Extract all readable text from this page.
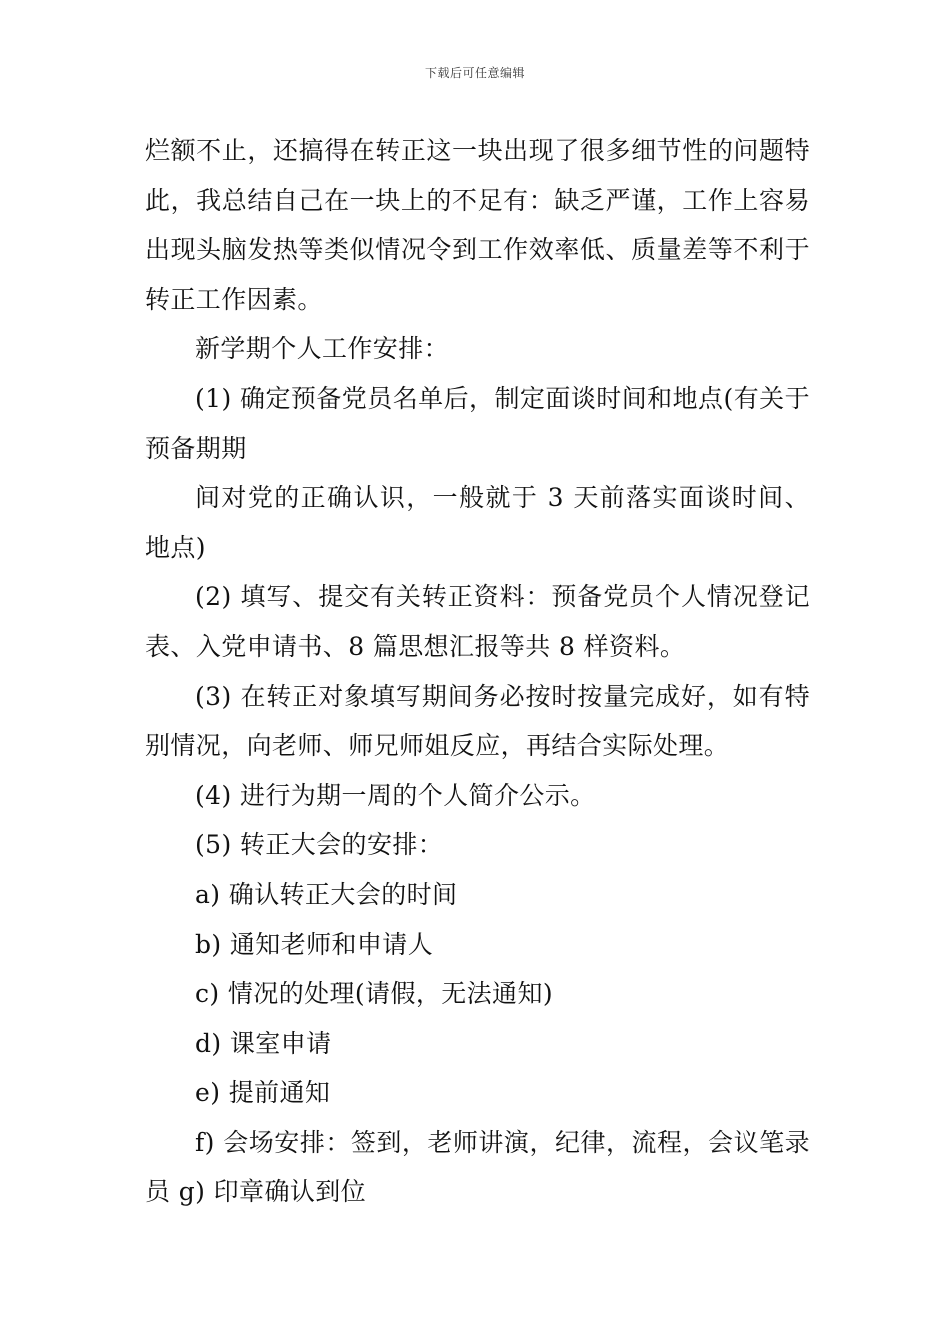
下载后可任意编辑

烂额不止，还搞得在转正这一块出现了很多细节性的问题特此，我总结自己在一块上的不足有：缺乏严谨，工作上容易出现头脑发热等类似情况令到工作效率低、质量差等不利于转正工作因素。

新学期个人工作安排：

(1) 确定预备党员名单后，制定面谈时间和地点(有关于预备期期

间对党的正确认识，一般就于 3 天前落实面谈时间、地点)

(2) 填写、提交有关转正资料：预备党员个人情况登记表、入党申请书、8 篇思想汇报等共 8 样资料。

(3) 在转正对象填写期间务必按时按量完成好，如有特别情况，向老师、师兄师姐反应，再结合实际处理。

(4) 进行为期一周的个人简介公示。

(5) 转正大会的安排：

a) 确认转正大会的时间

b) 通知老师和申请人

c) 情况的处理(请假，无法通知)

d) 课室申请

e) 提前通知

f) 会场安排：签到，老师讲演，纪律，流程，会议笔录员 g) 印章确认到位
